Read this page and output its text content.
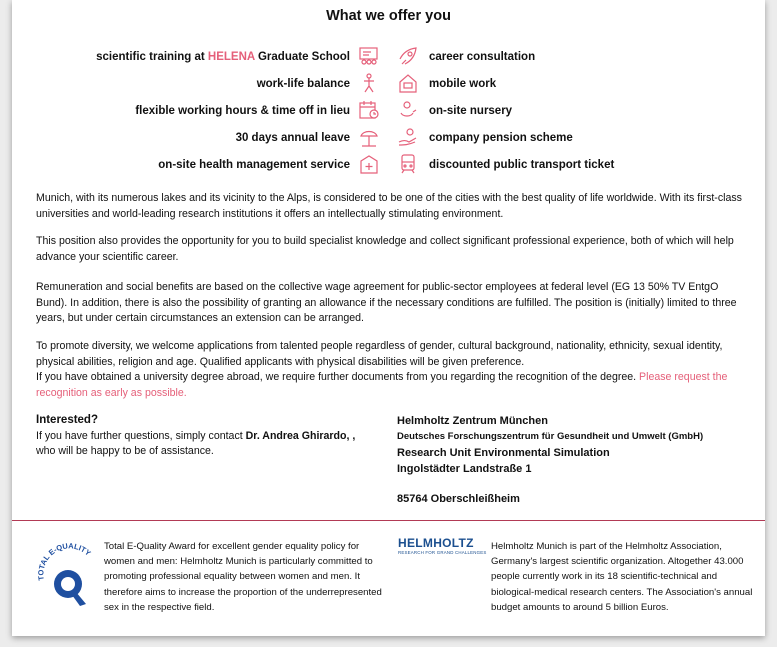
What we offer you
scientific training at HELENA Graduate School	career consultation
work-life balance	mobile work
flexible working hours & time off in lieu	on-site nursery
30 days annual leave	company pension scheme
on-site health management service	discounted public transport ticket

Munich, with its numerous lakes and its vicinity to the Alps, is considered to be one of the cities with the best quality of life worldwide. With its first-class universities and world-leading research institutions it offers an intellectually stimulating environment.

This position also provides the opportunity for you to build specialist knowledge and collect significant professional experience, both of which will help advance your scientific career.

Remuneration and social benefits are based on the collective wage agreement for public-sector employees at federal level (EG 13 50% TV EntgO Bund). In addition, there is also the possibility of granting an allowance if the necessary conditions are fulfilled. The position is (initially) limited to three years, but under certain circumstances an extension can be arranged.

To promote diversity, we welcome applications from talented people regardless of gender, cultural background, nationality, ethnicity, sexual identity, physical abilities, religion and age. Qualified applicants with physical disabilities will be given preference.

If you have obtained a university degree abroad, we require further documents from you regarding the recognition of the degree. Please request the recognition as early as possible.

Interested?
If you have further questions, simply contact Dr. Andrea Ghirardo, , who will be happy to be of assistance.
Helmholtz Zentrum München
Deutsches Forschungszentrum für Gesundheit und Umwelt (GmbH)
Research Unit Environmental Simulation
Ingolstädter Landstraße 1
85764 Oberschleißheim
TOTAL E-QUALITY
Total E-Quality Award for excellent gender equality policy for women and men: Helmholtz Munich is particularly committed to promoting professional equality between women and men. It therefore aims to increase the proportion of the underrepresented sex in the respective field.
HELMHOLTZ
RESEARCH FOR GRAND CHALLENGES
Helmholtz Munich is part of the Helmholtz Association, Germany's largest scientific organization. Altogether 43.000 people currently work in its 18 scientific-technical and biological-medical research centers. The Association's annual budget amounts to around 5 billion Euros.
